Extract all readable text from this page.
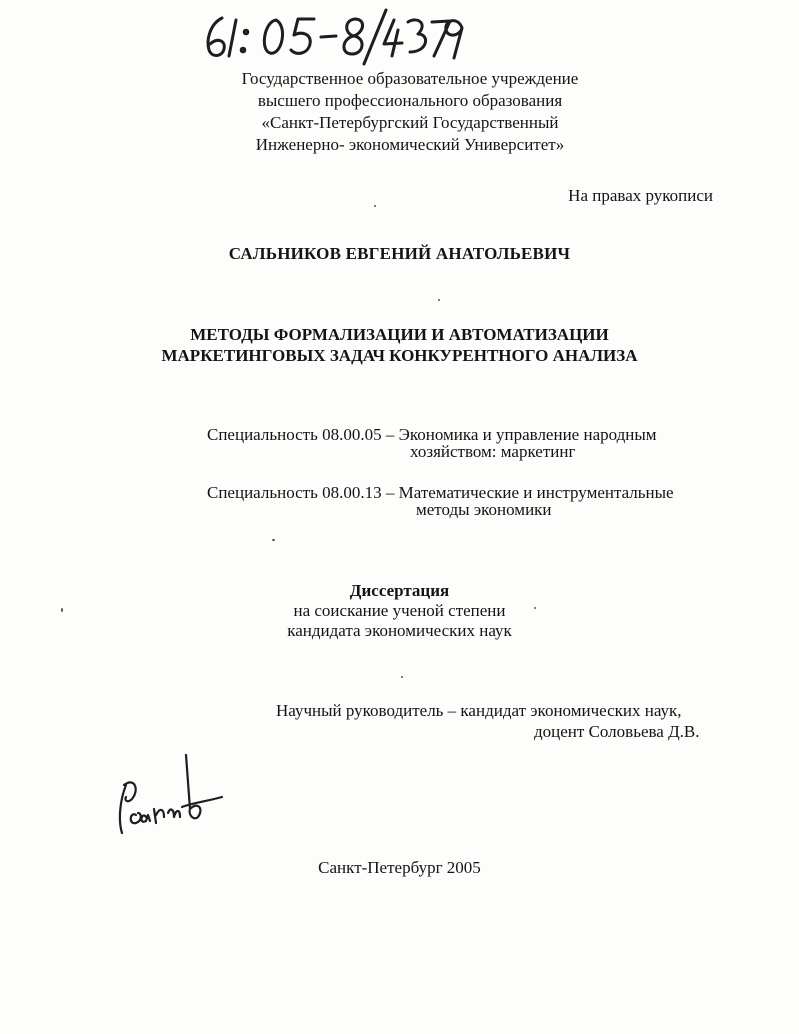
Государственное образовательное учреждение
высшего профессионального образования
«Санкт-Петербургский Государственный
Инженерно- экономический Университет»
На правах рукописи
САЛЬНИКОВ ЕВГЕНИЙ АНАТОЛЬЕВИЧ
МЕТОДЫ ФОРМАЛИЗАЦИИ И АВТОМАТИЗАЦИИ
МАРКЕТИНГОВЫХ ЗАДАЧ КОНКУРЕНТНОГО АНАЛИЗА
Специальность 08.00.05 – Экономика и управление народным
хозяйством: маркетинг
Специальность 08.00.13 – Математические и инструментальные
методы экономики
Диссертация
на соискание ученой степени
кандидата экономических наук
Научный руководитель – кандидат экономических наук,
доцент Соловьева Д.В.
Санкт-Петербург 2005
